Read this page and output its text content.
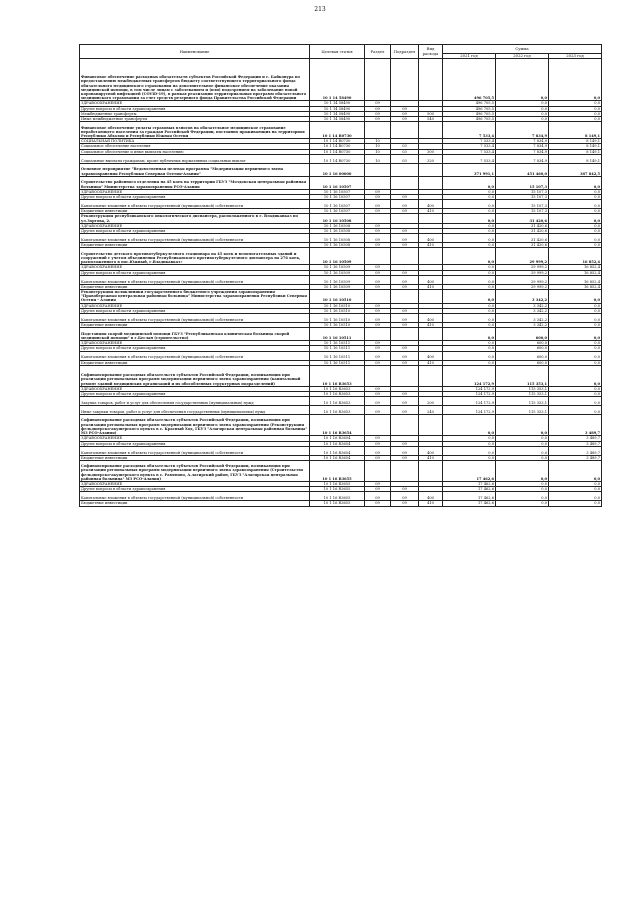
213
Наименование	Целевая статья	Раздел	Подраздел	Вид расхода	Сумма		
					2021 год	2022 год	2023 год
Финансовое обеспечение расходных обязательств субъектов Российской Федерации и г. Байконура по предоставлению межбюджетных трансфертов бюджету соответствующего территориального фонда обязательного медицинского страхования на дополнительное финансовое обеспечение оказания медицинской помощи, в том числе лицам с заболеванием и (или) подозрением на заболевание новой коронавирусной инфекцией (COVID-19), в рамках реализации территориальных программ обязательного медицинского страхования за счет средств резервного фонда Правительства Российской Федерации	10 1 14 58490				496 705,5	0,0	0,0
ЗДРАВООХРАНЕНИЕ	10 1 14 58490	09			496 705,5	0,0	0,0
Другие вопросы в области здравоохранения	10 1 14 58490	09	09		496 705,5	0,0	0,0
Межбюджетные трансферты	10 1 14 58490	09	09	500	496 705,5	0,0	0,0
Иные межбюджетные трансферты	10 1 14 58490	09	09	540	496 705,5	0,0	0,0
Финансовое обеспечение уплаты страховых взносов на обязательное медицинское страхование неработающего населения за граждан Российской Федерации, постоянно проживающих на территориях Республики Абхазия и Республики Южная Осетия	10 1 14 R0730				7 533,4	7 834,9	8 149,1
СОЦИАЛЬНАЯ ПОЛИТИКА	10 1 14 R0730	10			7 533,4	7 834,9	8 149,1
Социальное обеспечение населения	10 1 14 R0730	10	03		7 533,4	7 834,9	8 149,1
Социальное обеспечение и иные выплаты населению	10 1 14 R0730	10	03	300	7 533,4	7 834,9	8 149,1
Социальные выплаты гражданам, кроме публичных нормативных социальных выплат	10 1 14 R0730	10	03	320	7 533,4	7 834,9	8 149,1
Основное мероприятие "Ведомственная целевая программа "Модернизация первичного звена здравоохранения Республики Северная Осетия-Алания"	10 1 16 00000				371 991,1	451 460,0	387 842,5
Строительство районного отделения на 45 коек на территории ГБУЗ "Моздокская центральная районная больница" Министерства здравоохранения РСО-Алания	10 1 16 10507				0,0	15 107,3	0,0
ЗДРАВООХРАНЕНИЕ	10 1 16 10507	09			0,0	15 107,3	0,0
Другие вопросы в области здравоохранения	10 1 16 10507	09	09		0,0	15 107,3	0,0
Капитальные вложения в объекты государственной (муниципальной) собственности	10 1 16 10507	09	09	400	0,0	15 107,3	0,0
Бюджетные инвестиции	10 1 16 10507	09	09	410	0,0	15 107,3	0,0
Реконструкция республиканского онкологического диспансера, расположенного в г. Владикавказ по ул.Зортова, 2.	10 1 16 10508				0,0	31 420,6	0,0
ЗДРАВООХРАНЕНИЕ	10 1 16 10508	09			0,0	31 420,6	0,0
Другие вопросы в области здравоохранения	10 1 16 10508	09	09		0,0	31 420,6	0,0
Капитальные вложения в объекты государственной (муниципальной) собственности	10 1 16 10508	09	09	400	0,0	31 420,6	0,0
Бюджетные инвестиции	10 1 16 10508	09	09	410	0,0	31 420,6	0,0
Строительство детского противотуберкулезного стационара на 45 коек и вспомогательных зданий и сооружений с учетом объединения Республиканского противотуберкулезного диспансера на 276 коек, расположенного в пос.Южный, г.Владикавказ»	10 1 16 10509				0,0	29 999,2	16 852,4
ЗДРАВООХРАНЕНИЕ	10 1 16 10509	09			0,0	29 999,2	16 852,4
Другие вопросы в области здравоохранения	10 1 16 10509	09	09		0,0	29 999,2	16 852,4
Капитальные вложения в объекты государственной (муниципальной) собственности	10 1 16 10509	09	09	400	0,0	29 999,2	16 852,4
Бюджетные инвестиции	10 1 16 10509	09	09	410	0,0	29 999,2	16 852,4
Реконструкция поликлиники государственного бюджетного учреждения здравоохранения "Правобережная центральная районная больница" Министерства здравоохранения Республики Северная Осетия - Алания	10 1 16 10510				0,0	3 342,2	0,0
ЗДРАВООХРАНЕНИЕ	10 1 16 10510	09			0,0	3 342,2	0,0
Другие вопросы в области здравоохранения	10 1 16 10510	09	09		0,0	3 342,2	0,0
Капитальные вложения в объекты государственной (муниципальной) собственности	10 1 16 10510	09	09	400	0,0	3 342,2	0,0
Бюджетные инвестиции	10 1 16 10510	09	09	410	0,0	3 342,2	0,0
Подстанция скорой медицинской помощи ГБУЗ "Республиканская клиническая больница скорой медицинской помощи" в г.Беслан (строительство)	10 1 16 10511				0,0	600,0	0,0
ЗДРАВООХРАНЕНИЕ	10 1 16 10511	09			0,0	600,0	0,0
Другие вопросы в области здравоохранения	10 1 16 10511	09	09		0,0	600,0	0,0
Капитальные вложения в объекты государственной (муниципальной) собственности	10 1 16 10511	09	09	400	0,0	600,0	0,0
Бюджетные инвестиции	10 1 16 10511	09	09	410	0,0	600,0	0,0
Софинансирование расходных обязательств субъектов Российской Федерации, возникающих при реализации региональных программ модернизации первичного звена здравоохранения (капитальный ремонт зданий медицинских организаций и их обособленных структурных подразделений)	10 1 16 R3653				124 172,9	115 353,1	0,0
ЗДРАВООХРАНЕНИЕ	10 1 16 R3653	09			124 172,9	115 353,1	0,0
Другие вопросы в области здравоохранения	10 1 16 R3653	09	09		124 172,9	115 353,1	0,0
Закупка товаров, работ и услуг для обеспечения государственных (муниципальных) нужд	10 1 16 R3653	09	09	200	124 172,9	115 353,1	0,0
Иные закупки товаров, работ и услуг для обеспечения государственных (муниципальных) нужд	10 1 16 R3653	09	09	240	124 172,9	115 353,1	0,0
Софинансирование расходных обязательств субъектов Российской Федерации, возникающих при реализации региональных программ модернизации первичного звена здравоохранения (Реконструкция фельдшерско-акушерского пункта в с. Красный Ход, ГБУЗ "Алагирская центральная районная больница" МЗ РСО-Алания)	10 1 16 R3654				0,0	0,0	3 489,7
ЗДРАВООХРАНЕНИЕ	10 1 16 R3654	09			0,0	0,0	3 489,7
Другие вопросы в области здравоохранения	10 1 16 R3654	09	09		0,0	0,0	3 489,7
Капитальные вложения в объекты государственной (муниципальной) собственности	10 1 16 R3654	09	09	400	0,0	0,0	3 489,7
Бюджетные инвестиции	10 1 16 R3654	09	09	410	0,0	0,0	3 489,7
Софинансирование расходных обязательств субъектов Российской Федерации, возникающих при реализации региональных программ модернизации первичного звена здравоохранения (Строительство фельдшерско-акушерского пункта в с. Раменово, А.лагирский район, ГБУЗ "Алагирская центральная районная больница" МЗ РСО-Алания)	10 1 16 R3655				17 462,6	0,0	0,0
ЗДРАВООХРАНЕНИЕ	10 1 16 R3655	09			17 462,6	0,0	0,0
Другие вопросы в области здравоохранения	10 1 16 R3655	09	09		17 462,6	0,0	0,0
Капитальные вложения в объекты государственной (муниципальной) собственности	10 1 16 R3655	09	09	400	17 462,6	0,0	0,0
Бюджетные инвестиции	10 1 16 R3655	09	09	410	17 462,6	0,0	0,0
